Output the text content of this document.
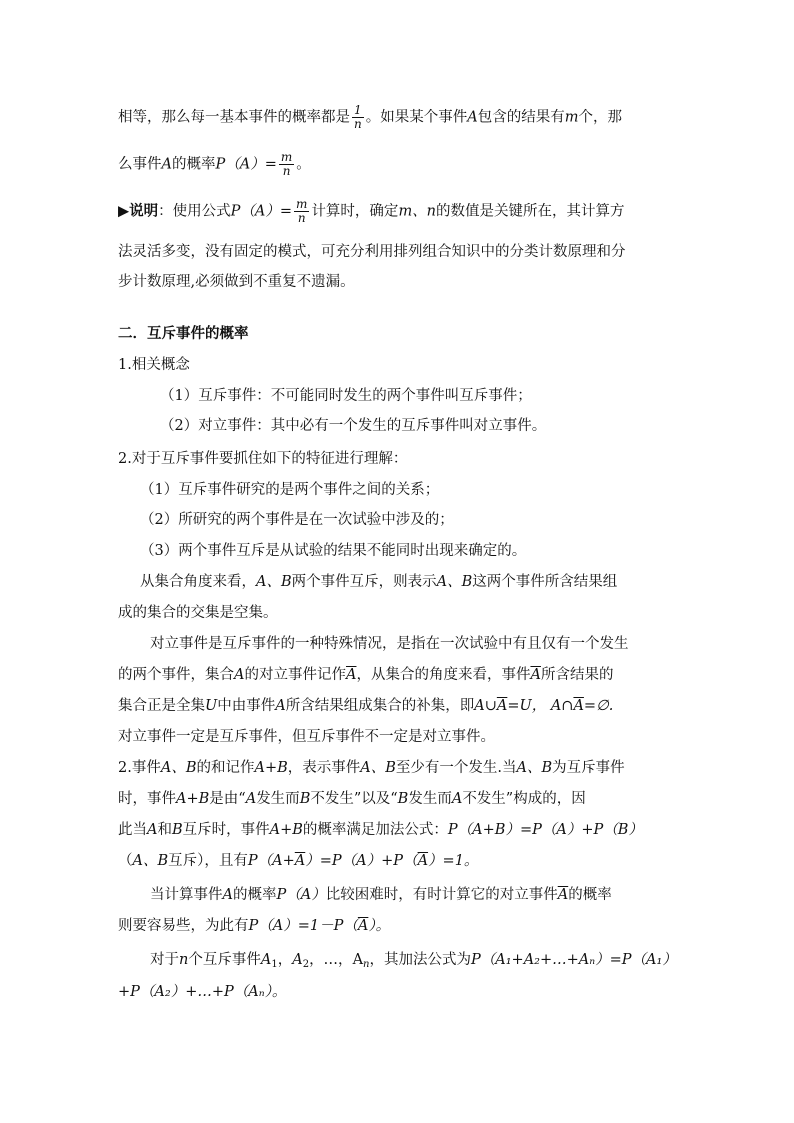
相等，那么每一基本事件的概率都是 $\frac{1}{n}$ 。如果某个事件A包含的结果有m个，那
么事件A的概率$P(A)= \frac{m}{n}$ 。
▶说明：使用公式$P(A)= \frac{m}{n}$ 计算时，确定m、n的数值是关键所在，其计算方
法灵活多变，没有固定的模式，可充分利用排列组合知识中的分类计数原理和分
步计数原理,必须做到不重复不遗漏。
二．互斥事件的概率
1.相关概念
（1）互斥事件：不可能同时发生的两个事件叫互斥事件；
（2）对立事件：其中必有一个发生的互斥事件叫对立事件。
2.对于互斥事件要抓住如下的特征进行理解：
（1）互斥事件研究的是两个事件之间的关系；
（2）所研究的两个事件是在一次试验中涉及的；
（3）两个事件互斥是从试验的结果不能同时出现来确定的。
从集合角度来看，A、B两个事件互斥，则表示A、B这两个事件所含结果组
成的集合的交集是空集。
对立事件是互斥事件的一种特殊情况，是指在一次试验中有且仅有一个发生
的两个事件，集合A的对立事件记作$\overline{A}$，从集合的角度来看，事件$\overline{A}$所含结果的
集合正是全集U中由事件A所含结果组成集合的补集，即$A\cup\overline{A}=U$， $A\cap\overline{A}=\emptyset$.
对立事件一定是互斥事件，但互斥事件不一定是对立事件。
2.事件A、B的和记作A+B，表示事件A、B至少有一个发生.当A、B为互斥事件
时，事件A+B是由“A发生而B不发生”以及“B发生而A不发生”构成的，因
此当A和B互斥时，事件A+B的概率满足加法公式：P（A+B）=P（A）+P（B）
（A、B互斥），且有$P(A+\overline{A})=P(A)+P(\overline{A})=1$。
当计算事件A的概率P（A）比较困难时，有时计算它的对立事件$\overline{A}$的概率
则要容易些，为此有$P(A)=1-P(\overline{A})$。
对于n个互斥事件$A_1$，$A_2$，…，$A_n$，其加法公式为P（A₁+A₂+…+Aₙ）=P（A₁）
+P（A₂）+…+P（Aₙ）。
